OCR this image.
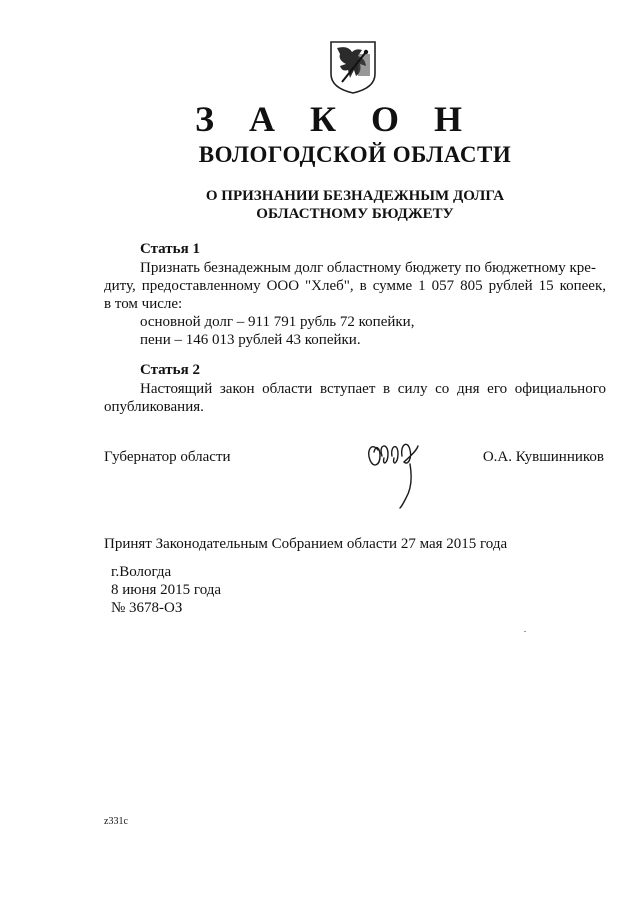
З А К О Н
ВОЛОГОДСКОЙ ОБЛАСТИ
О ПРИЗНАНИИ БЕЗНАДЕЖНЫМ ДОЛГА
ОБЛАСТНОМУ БЮДЖЕТУ
Статья 1
Признать безнадежным долг областному бюджету по бюджетному кре-
диту, предоставленному ООО "Хлеб", в сумме 1 057 805 рублей 15 копеек,
в том числе:
основной долг – 911 791 рубль 72 копейки,
пени – 146 013 рублей 43 копейки.
Статья 2
Настоящий закон области вступает в силу со дня его официального
опубликования.
Губернатор области	О.А. Кувшинников
Принят Законодательным Собранием области 27 мая 2015 года
г.Вологда
8 июня 2015 года
№ 3678-ОЗ
z331c
